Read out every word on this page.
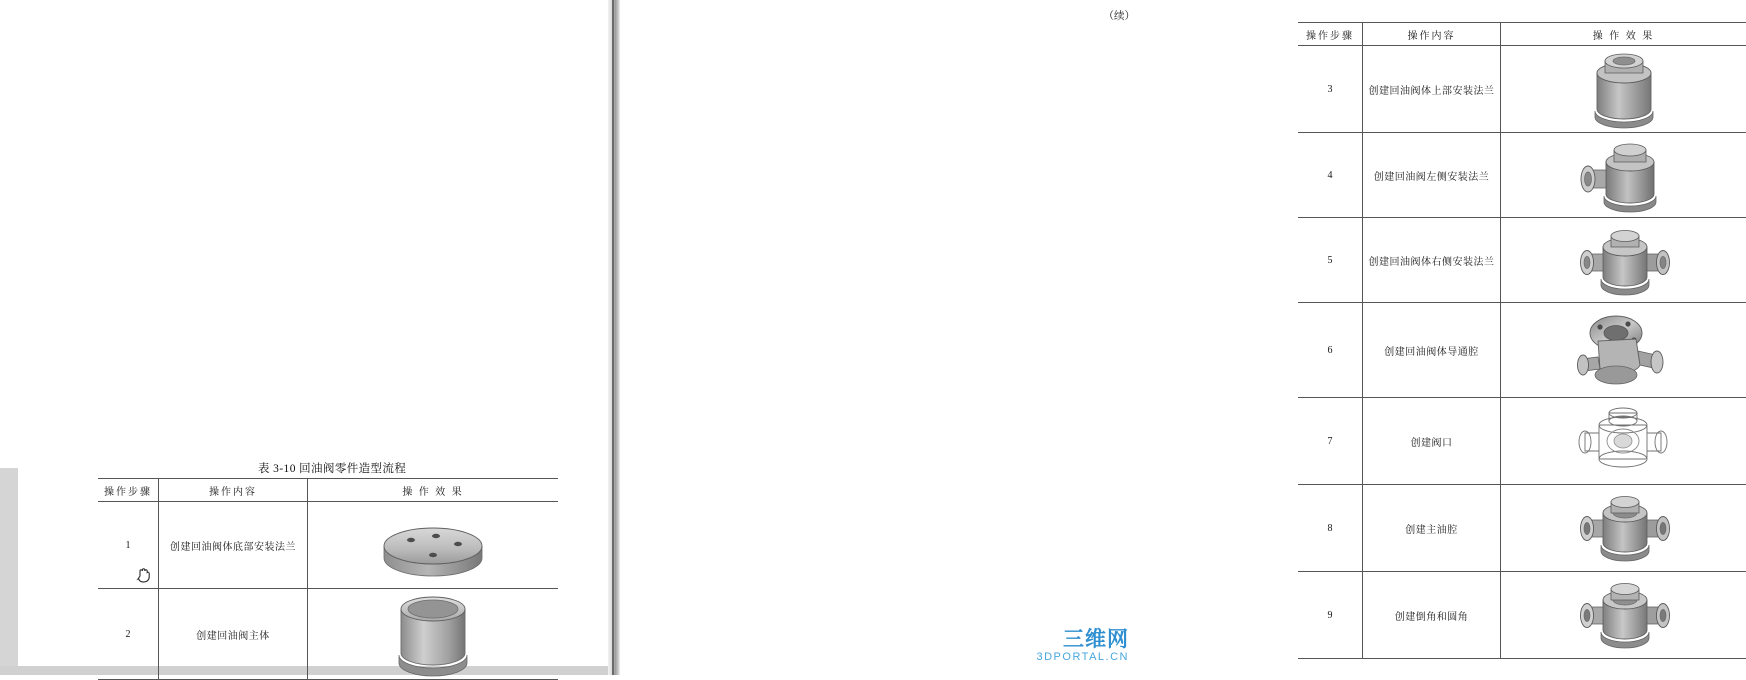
表 3-10 回油阀零件造型流程
操作步骤	操作内容	操 作 效 果
1	创建回油阀体底部安装法兰	

2	创建回油阀主体	
（续）
操作步骤	操作内容	操 作 效 果
3	创建回油阀体上部安装法兰	

4	创建回油阀左侧安装法兰	

5	创建回油阀体右侧安装法兰	

6	创建回油阀体导通腔	

7	创建阀口	

8	创建主油腔	

9	创建倒角和圆角	
三维网
3DPORTAL.CN
